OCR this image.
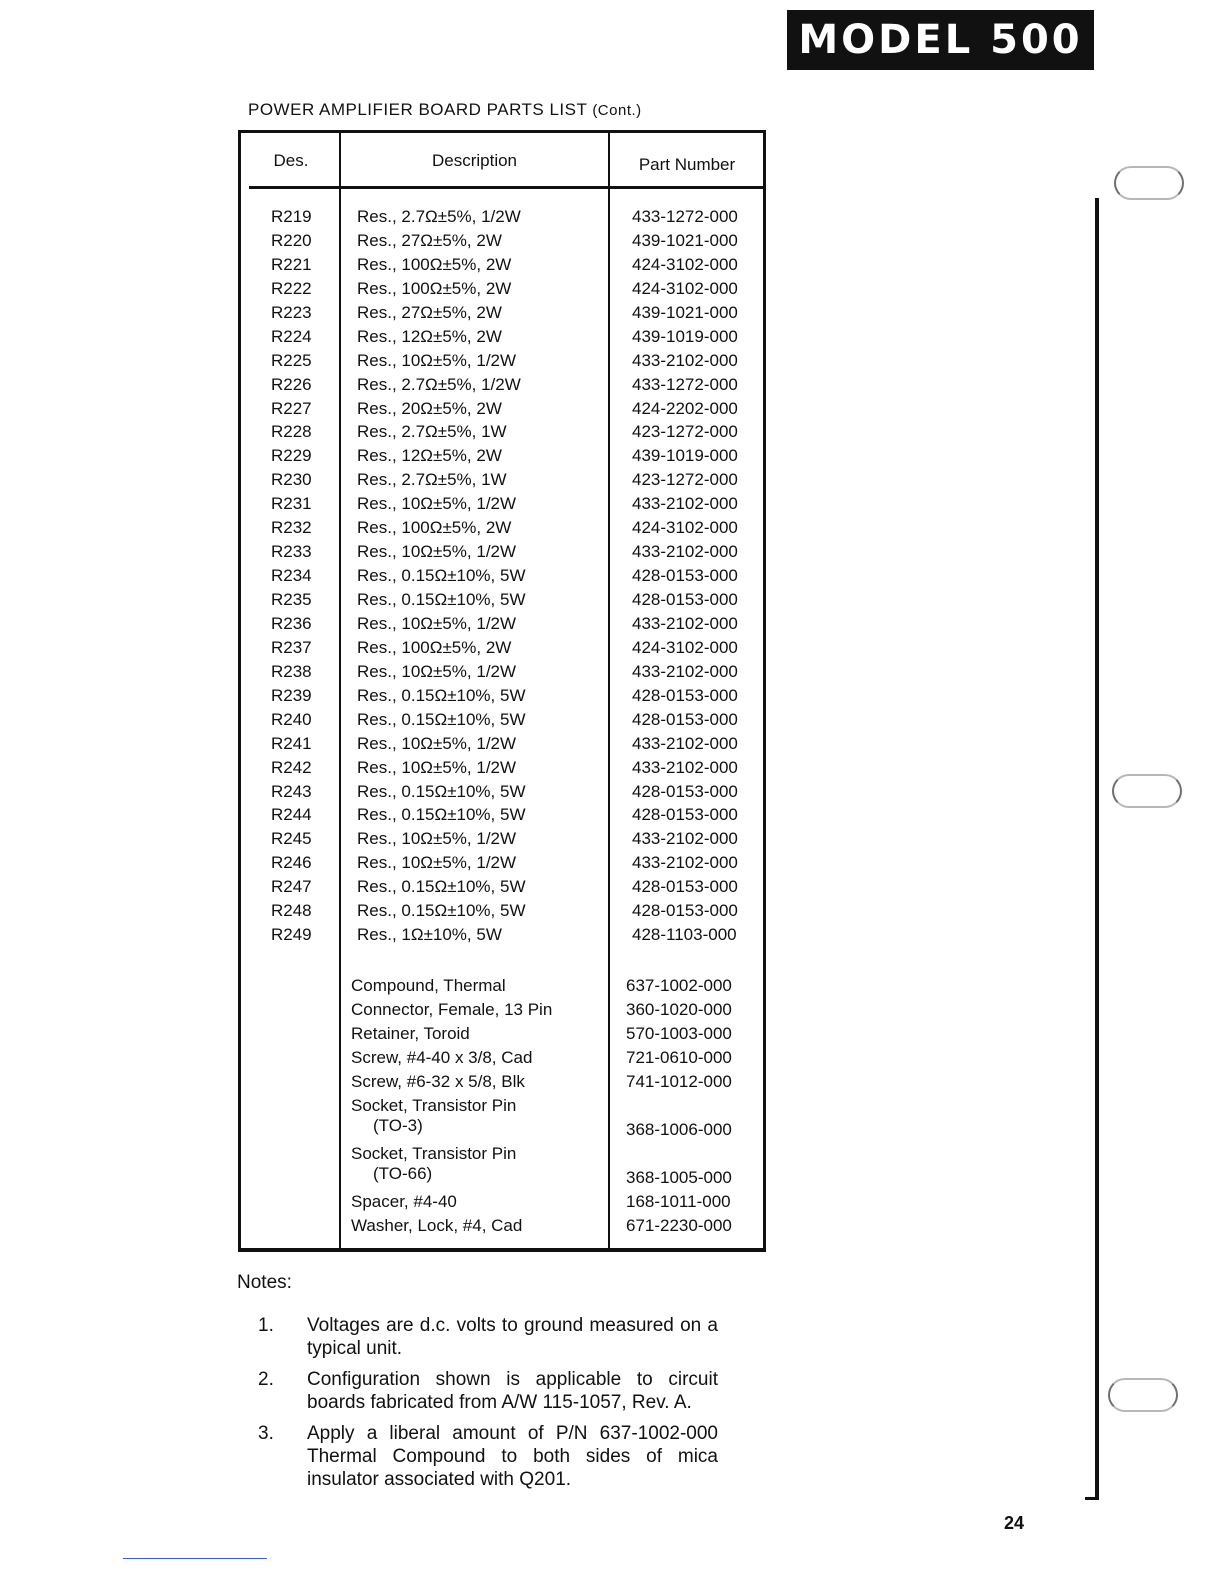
MODEL 500
POWER AMPLIFIER BOARD PARTS LIST (Cont.)
Des.	Description	Part Number
R219	Res., 2.7Ω±5%, 1/2W	433-1272-000
R220	Res., 27Ω±5%, 2W	439-1021-000
R221	Res., 100Ω±5%, 2W	424-3102-000
R222	Res., 100Ω±5%, 2W	424-3102-000
R223	Res., 27Ω±5%, 2W	439-1021-000
R224	Res., 12Ω±5%, 2W	439-1019-000
R225	Res., 10Ω±5%, 1/2W	433-2102-000
R226	Res., 2.7Ω±5%, 1/2W	433-1272-000
R227	Res., 20Ω±5%, 2W	424-2202-000
R228	Res., 2.7Ω±5%, 1W	423-1272-000
R229	Res., 12Ω±5%, 2W	439-1019-000
R230	Res., 2.7Ω±5%, 1W	423-1272-000
R231	Res., 10Ω±5%, 1/2W	433-2102-000
R232	Res., 100Ω±5%, 2W	424-3102-000
R233	Res., 10Ω±5%, 1/2W	433-2102-000
R234	Res., 0.15Ω±10%, 5W	428-0153-000
R235	Res., 0.15Ω±10%, 5W	428-0153-000
R236	Res., 10Ω±5%, 1/2W	433-2102-000
R237	Res., 100Ω±5%, 2W	424-3102-000
R238	Res., 10Ω±5%, 1/2W	433-2102-000
R239	Res., 0.15Ω±10%, 5W	428-0153-000
R240	Res., 0.15Ω±10%, 5W	428-0153-000
R241	Res., 10Ω±5%, 1/2W	433-2102-000
R242	Res., 10Ω±5%, 1/2W	433-2102-000
R243	Res., 0.15Ω±10%, 5W	428-0153-000
R244	Res., 0.15Ω±10%, 5W	428-0153-000
R245	Res., 10Ω±5%, 1/2W	433-2102-000
R246	Res., 10Ω±5%, 1/2W	433-2102-000
R247	Res., 0.15Ω±10%, 5W	428-0153-000
R248	Res., 0.15Ω±10%, 5W	428-0153-000
R249	Res., 1Ω±10%, 5W	428-1103-000
Compound, Thermal	637-1002-000
Connector, Female, 13 Pin	360-1020-000
Retainer, Toroid	570-1003-000
Screw, #4-40 x 3/8, Cad	721-0610-000
Screw, #6-32 x 5/8, Blk	741-1012-000
Socket, Transistor Pin
(TO-3)	368-1006-000
Socket, Transistor Pin
(TO-66)	368-1005-000
Spacer, #4-40	168-1011-000
Washer, Lock, #4, Cad	671-2230-000
Notes:
1. Voltages are d.c. volts to ground measured on a typical unit.
2. Configuration shown is applicable to circuit boards fabricated from A/W 115-1057, Rev. A.
3. Apply a liberal amount of P/N 637-1002-000 Thermal Compound to both sides of mica insulator associated with Q201.
24
